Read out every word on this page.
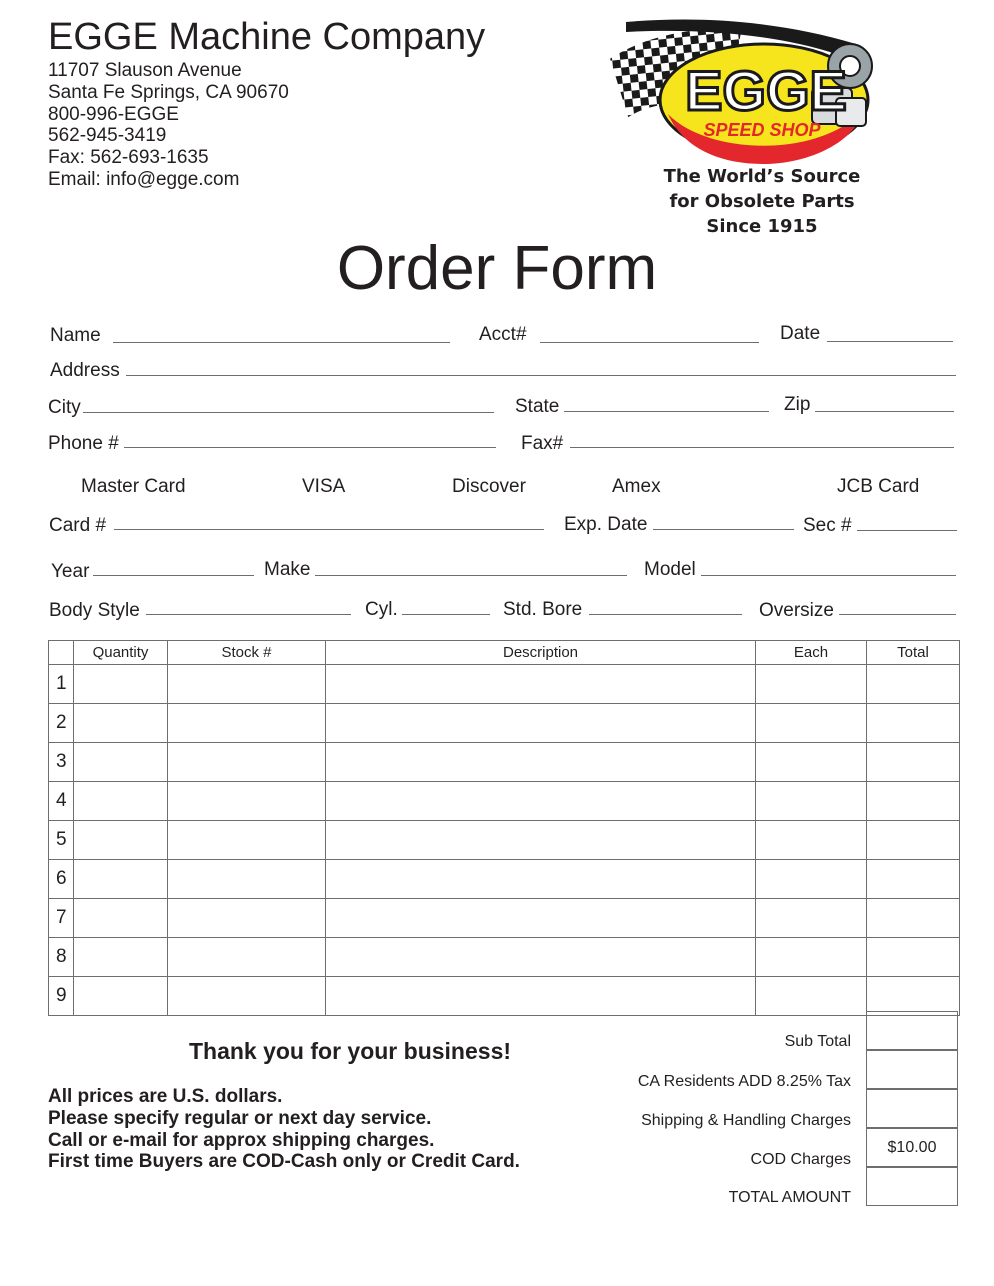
EGGE Machine Company
11707 Slauson Avenue
Santa Fe Springs, CA 90670
800-996-EGGE
562-945-3419
Fax: 562-693-1635
Email: info@egge.com
EGGE
SPEED SHOP
The World’s Source
for Obsolete Parts
Since 1915
Order Form
Name	Acct#	Date
Address
City	State	Zip
Phone #	Fax#
Master Card	VISA	Discover	Amex	JCB Card
Card #	Exp. Date	Sec #
Year	Make	Model
Body Style	Cyl.	Std. Bore	Oversize
	Quantity	Stock #	Description	Each	Total
1					
2					
3					
4					
5					
6					
7					
8					
9					
Thank you for your business!
All prices are U.S. dollars.
Please specify regular or next day service.
Call or e-mail for approx shipping charges.
First time Buyers are COD-Cash only or Credit Card.
Sub Total
CA Residents ADD 8.25% Tax
Shipping & Handling Charges
COD Charges
$10.00
TOTAL AMOUNT
